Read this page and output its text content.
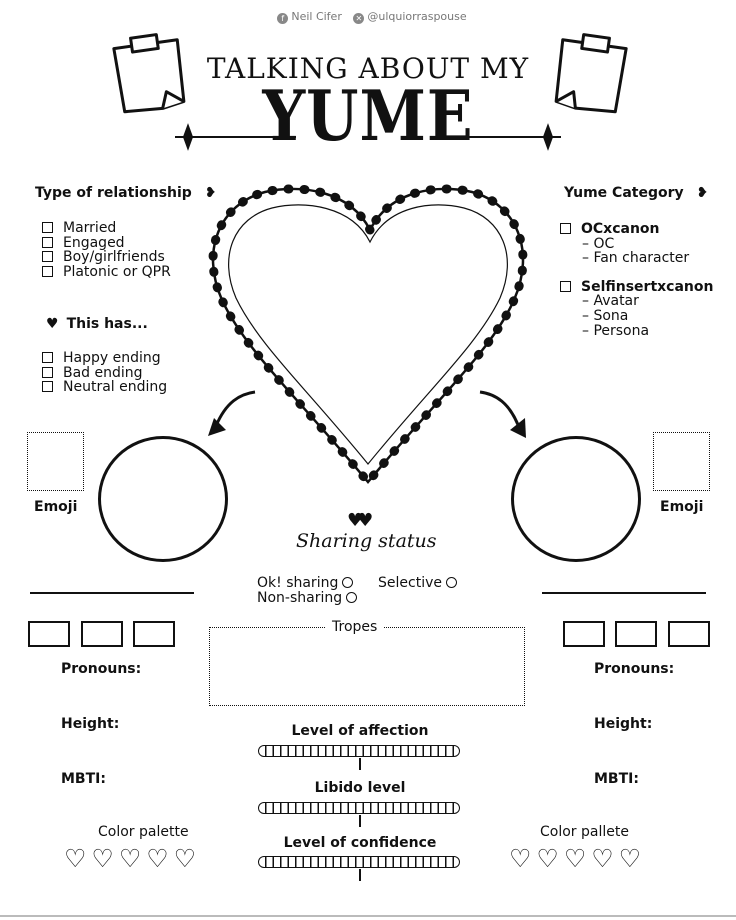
f Neil Cifer ✕ @ulquiorraspouse
TALKING ABOUT MY
YUME
Type of relationship ❥
Married
Engaged
Boy/girlfriends
Platonic or QPR
♥ This has...
Happy ending
Bad ending
Neutral ending
Yume Category ❥
OCxcanon
– OC
– Fan character
Selfinsertxcanon
– Avatar
– Sona
– Persona
Emoji	Emoji
♥♥
Sharing status
Ok! sharing	Selective
Non-sharing
Tropes
Pronouns:
Height:
MBTI:
Color palette
♡♡♡♡♡
Pronouns:
Height:
MBTI:
Color pallete
♡♡♡♡♡
Level of affection
Libido level
Level of confidence
